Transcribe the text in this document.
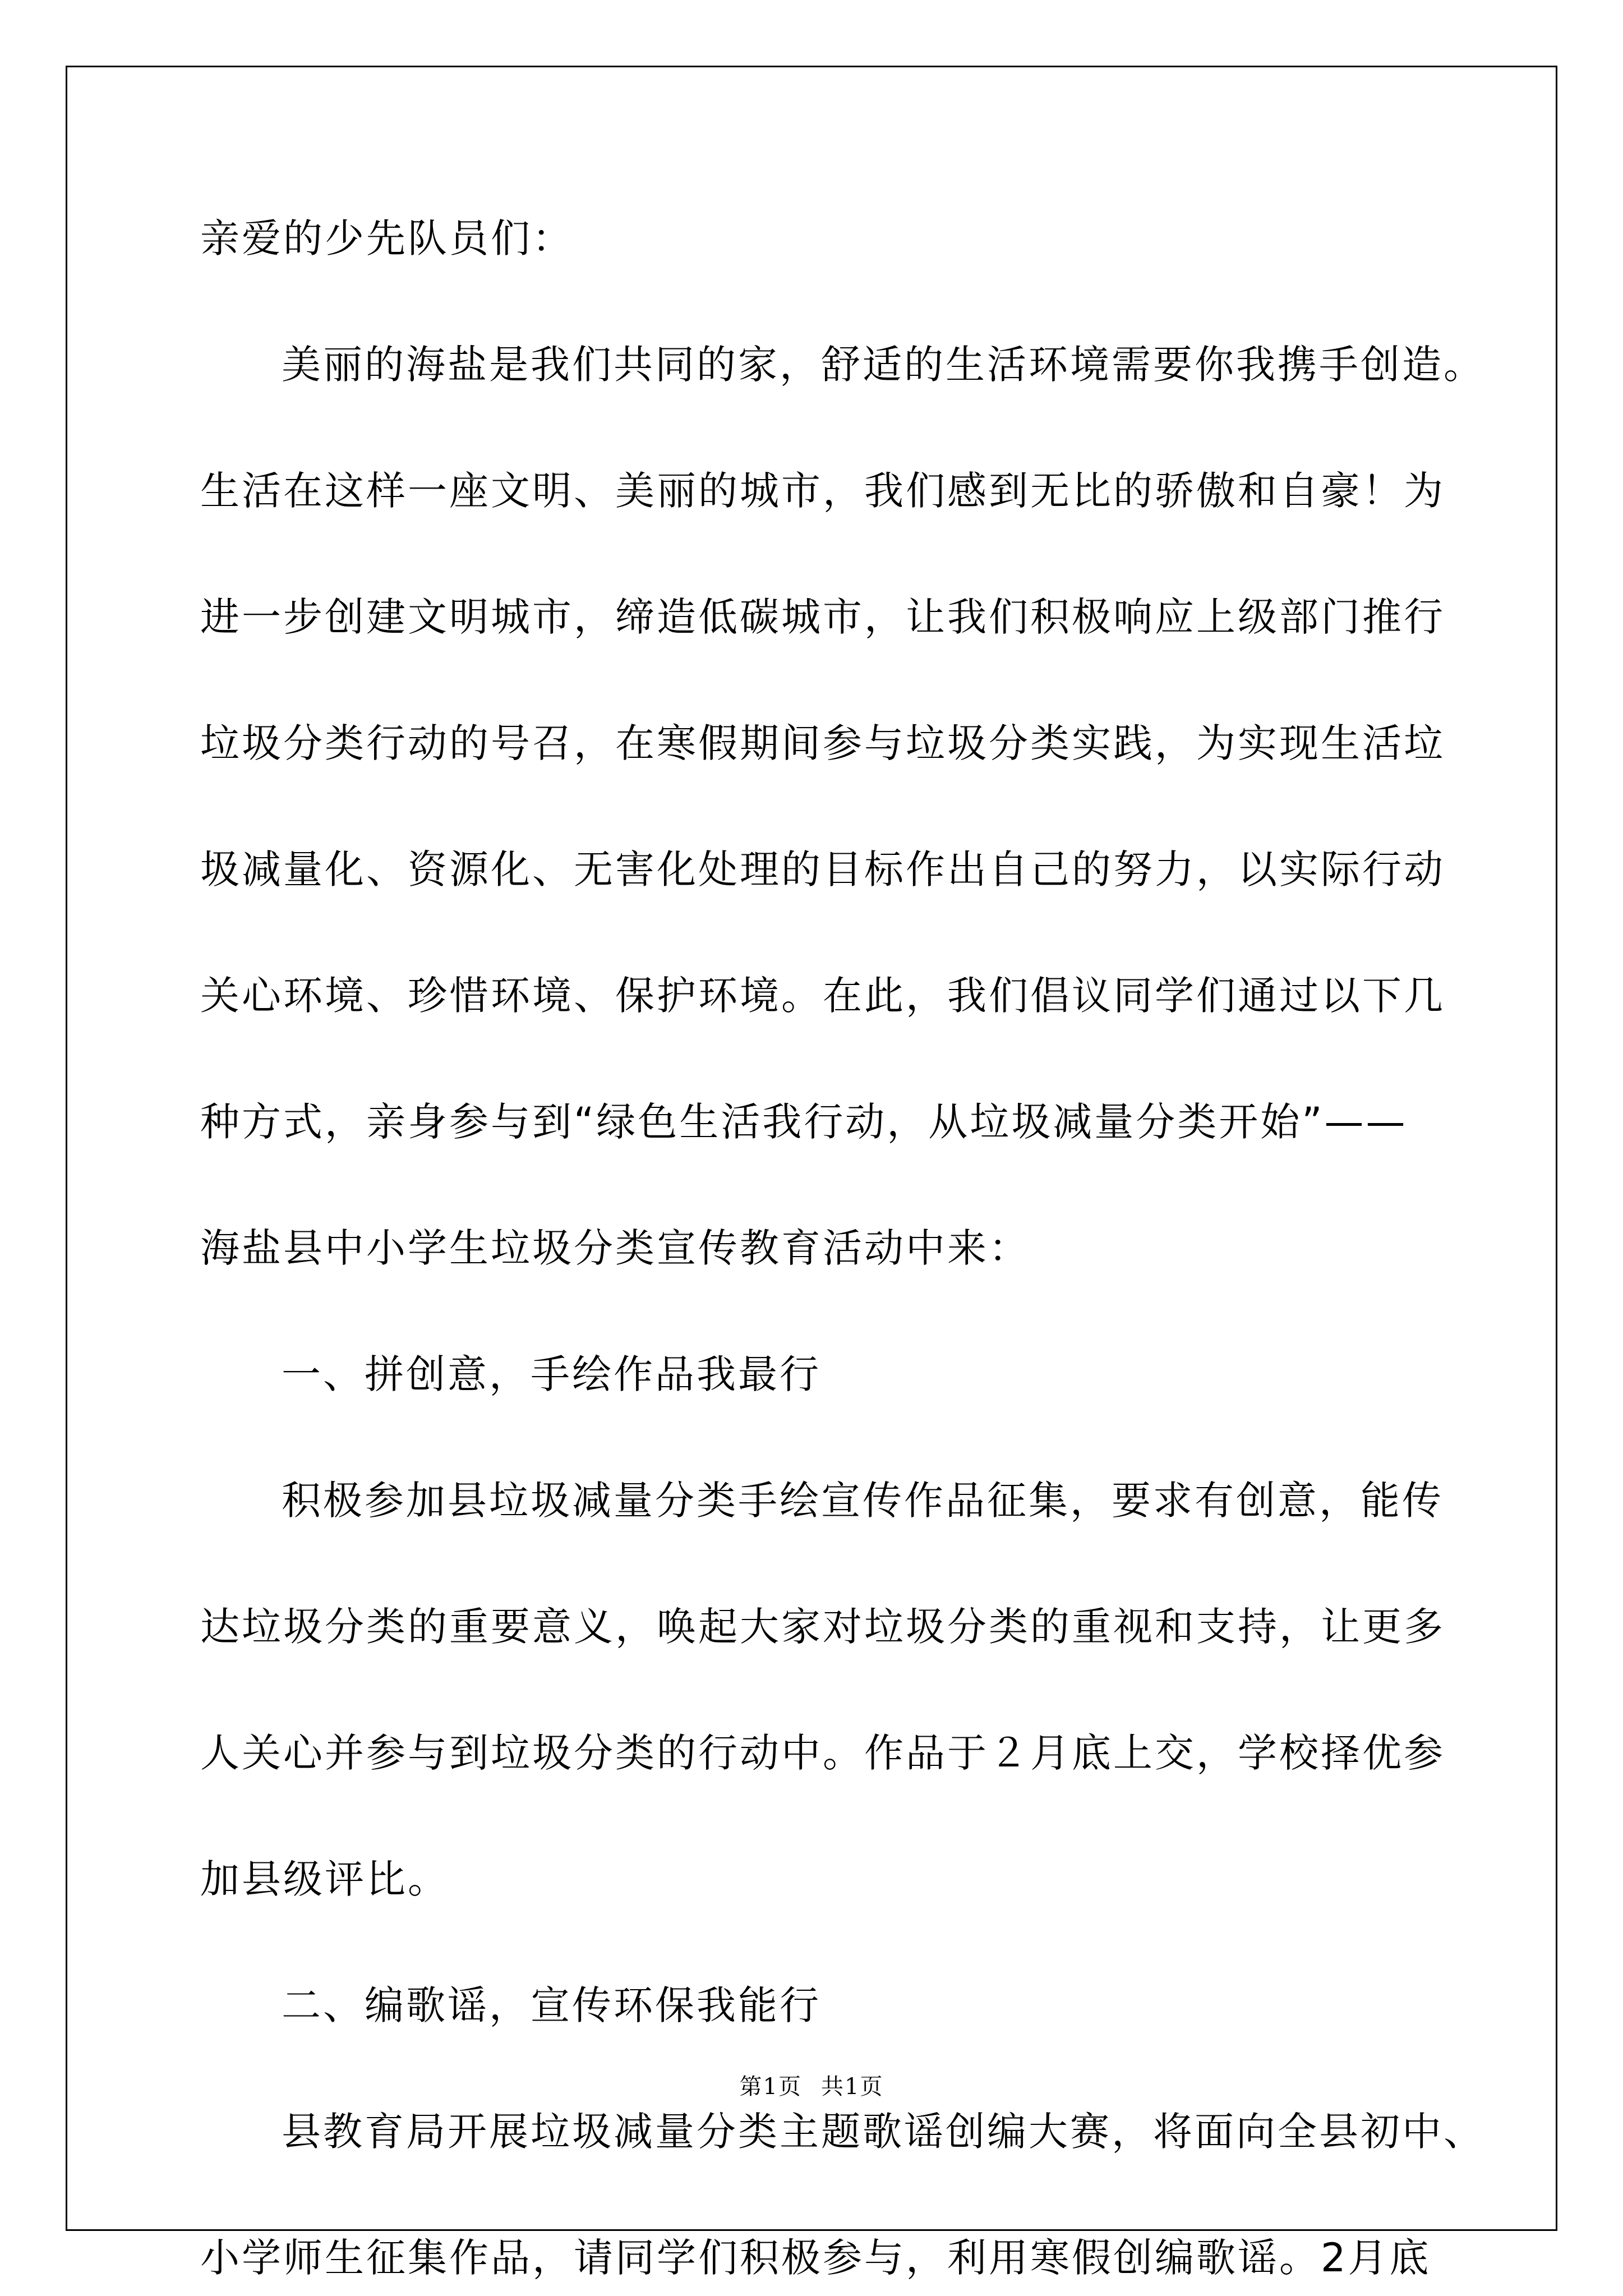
亲爱的少先队员们：
美丽的海盐是我们共同的家，舒适的生活环境需要你我携手创造。
生活在这样一座文明、美丽的城市，我们感到无比的骄傲和自豪！为
进一步创建文明城市，缔造低碳城市，让我们积极响应上级部门推行
垃圾分类行动的号召，在寒假期间参与垃圾分类实践，为实现生活垃
圾减量化、资源化、无害化处理的目标作出自己的努力，以实际行动
关心环境、珍惜环境、保护环境。在此，我们倡议同学们通过以下几
种方式，亲身参与到“绿色生活我行动，从垃圾减量分类开始”——
海盐县中小学生垃圾分类宣传教育活动中来：
一、拼创意，手绘作品我最行
积极参加县垃圾减量分类手绘宣传作品征集，要求有创意，能传
达垃圾分类的重要意义，唤起大家对垃圾分类的重视和支持，让更多
人关心并参与到垃圾分类的行动中。作品于２月底上交，学校择优参
加县级评比。
二、编歌谣，宣传环保我能行
县教育局开展垃圾减量分类主题歌谣创编大赛，将面向全县初中、
小学师生征集作品，请同学们积极参与，利用寒假创编歌谣。2月底
第1页 共1页
